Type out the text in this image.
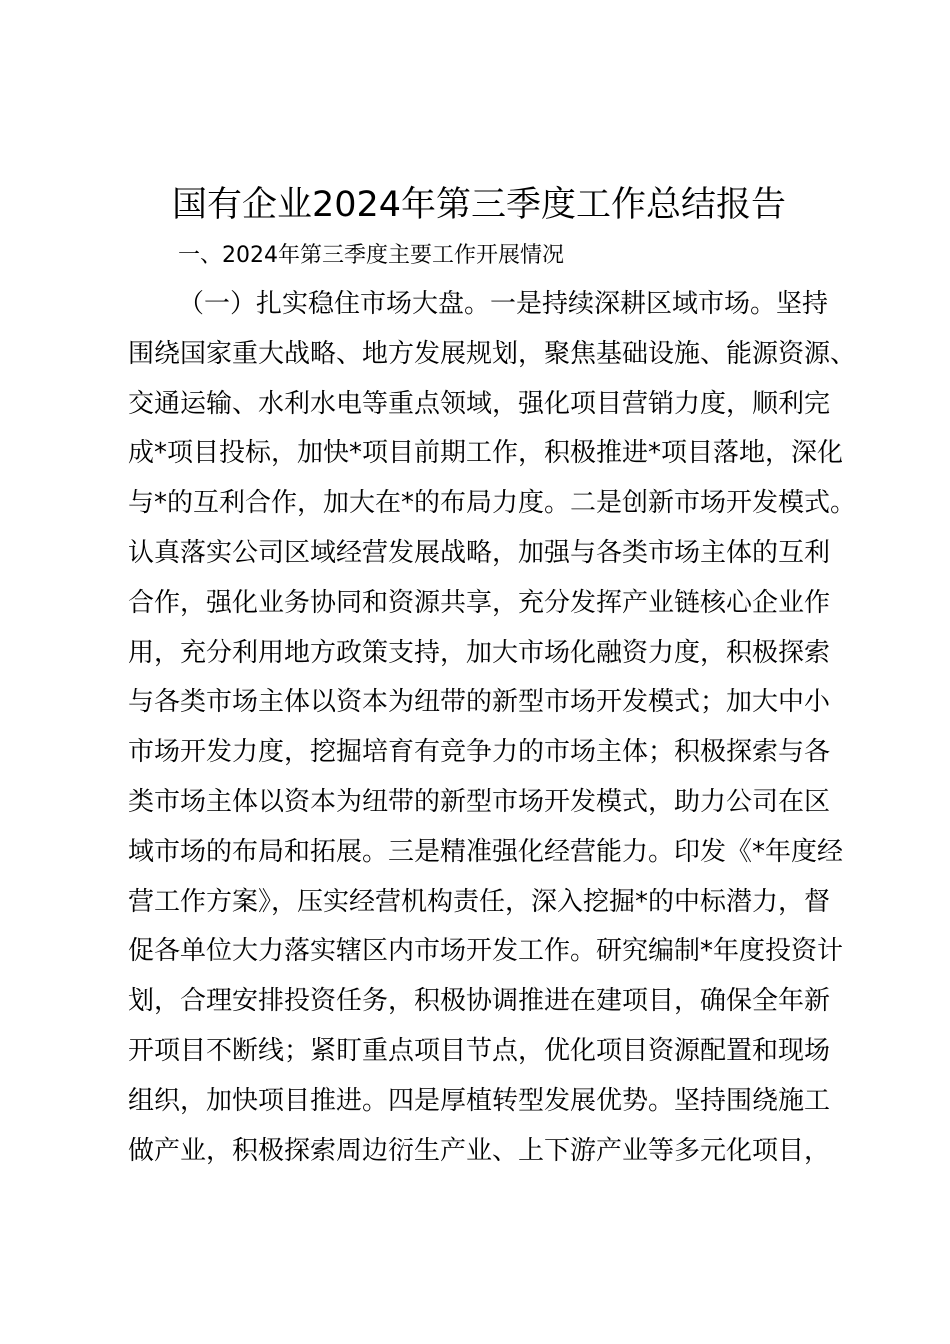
国有企业2024年第三季度工作总结报告
一、2024年第三季度主要工作开展情况
（一）扎实稳住市场大盘。一是持续深耕区域市场。坚持
围绕国家重大战略、地方发展规划，聚焦基础设施、能源资源、
交通运输、水利水电等重点领域，强化项目营销力度，顺利完
成*项目投标，加快*项目前期工作，积极推进*项目落地，深化
与*的互利合作，加大在*的布局力度。二是创新市场开发模式。
认真落实公司区域经营发展战略，加强与各类市场主体的互利
合作，强化业务协同和资源共享，充分发挥产业链核心企业作
用，充分利用地方政策支持，加大市场化融资力度，积极探索
与各类市场主体以资本为纽带的新型市场开发模式；加大中小
市场开发力度，挖掘培育有竞争力的市场主体；积极探索与各
类市场主体以资本为纽带的新型市场开发模式，助力公司在区
域市场的布局和拓展。三是精准强化经营能力。印发《*年度经
营工作方案》，压实经营机构责任，深入挖掘*的中标潜力，督
促各单位大力落实辖区内市场开发工作。研究编制*年度投资计
划，合理安排投资任务，积极协调推进在建项目，确保全年新
开项目不断线；紧盯重点项目节点，优化项目资源配置和现场
组织，加快项目推进。四是厚植转型发展优势。坚持围绕施工
做产业，积极探索周边衍生产业、上下游产业等多元化项目，
